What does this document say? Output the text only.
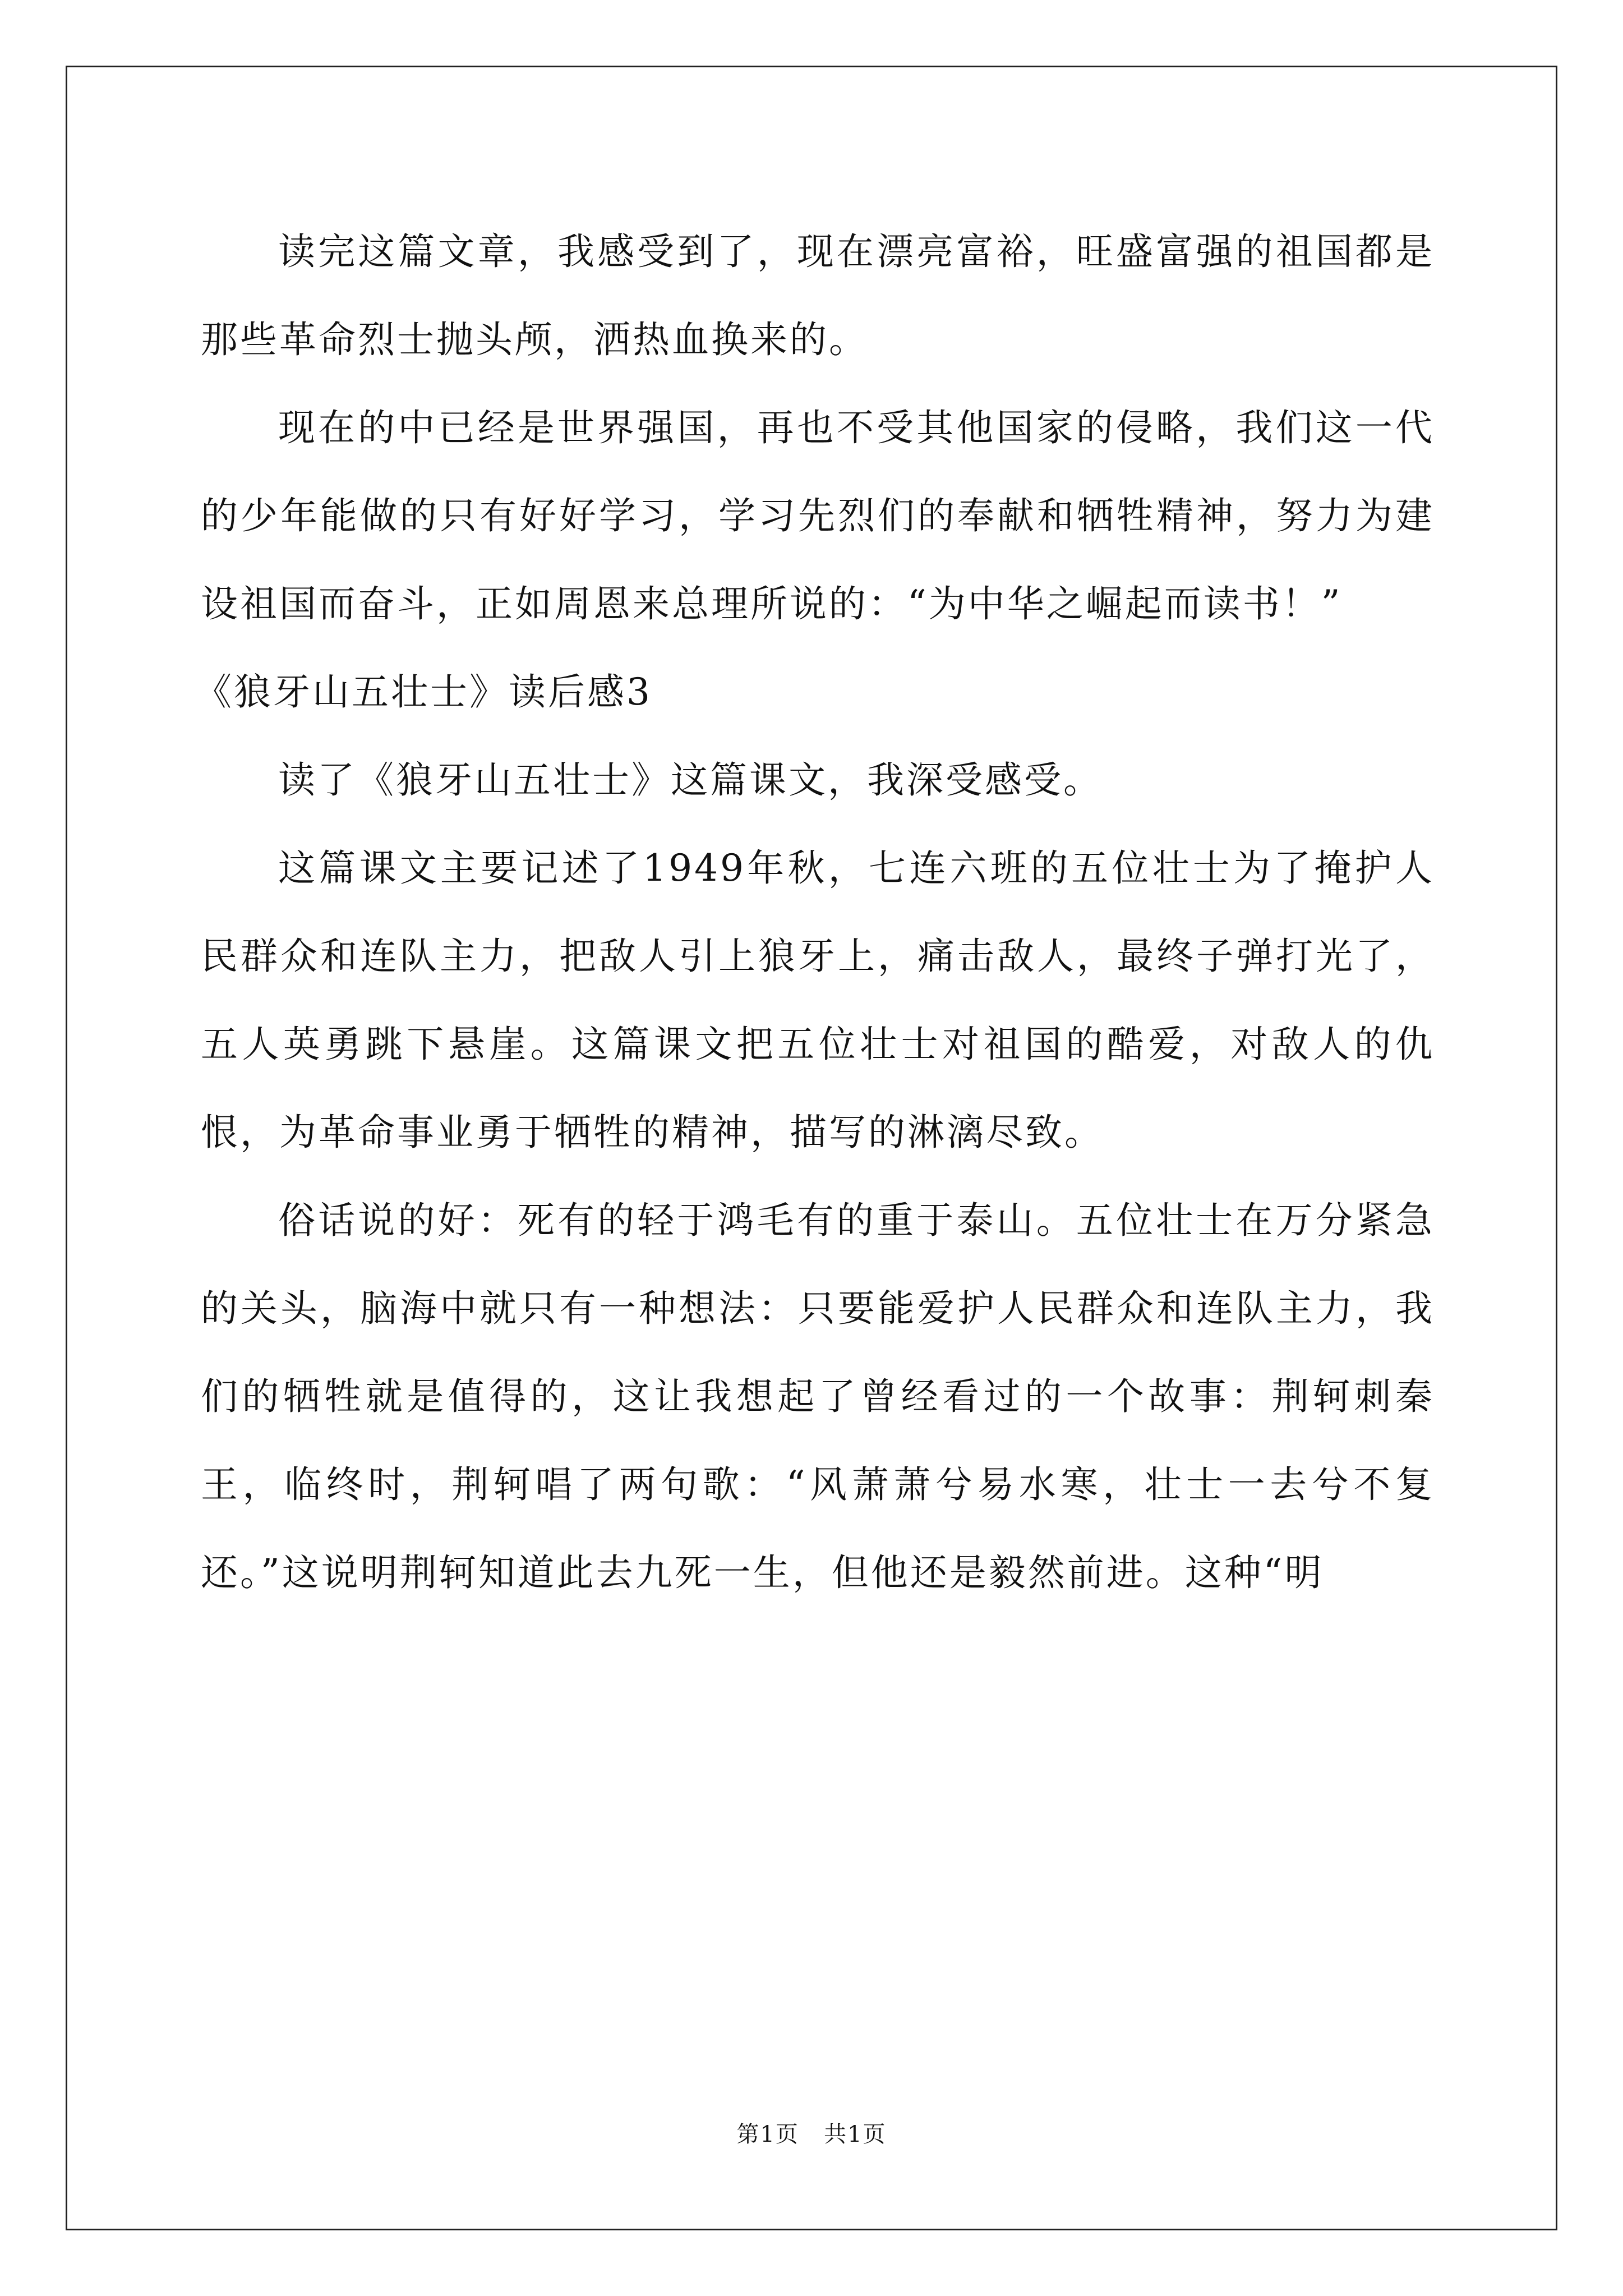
读完这篇文章，我感受到了，现在漂亮富裕，旺盛富强的祖国都是那些革命烈士抛头颅，洒热血换来的。

现在的中已经是世界强国，再也不受其他国家的侵略，我们这一代的少年能做的只有好好学习，学习先烈们的奉献和牺牲精神，努力为建设祖国而奋斗，正如周恩来总理所说的：“为中华之崛起而读书！”

《狼牙山五壮士》读后感3

读了《狼牙山五壮士》这篇课文，我深受感受。

这篇课文主要记述了1949年秋，七连六班的五位壮士为了掩护人民群众和连队主力，把敌人引上狼牙上，痛击敌人，最终子弹打光了，五人英勇跳下悬崖。这篇课文把五位壮士对祖国的酷爱，对敌人的仇恨，为革命事业勇于牺牲的精神，描写的淋漓尽致。

俗话说的好：死有的轻于鸿毛有的重于泰山。五位壮士在万分紧急的关头，脑海中就只有一种想法：只要能爱护人民群众和连队主力，我们的牺牲就是值得的，这让我想起了曾经看过的一个故事：荆轲刺秦王，临终时，荆轲唱了两句歌：“风萧萧兮易水寒，壮士一去兮不复还。”这说明荆轲知道此去九死一生，但他还是毅然前进。这种“明

第1页 共1页
